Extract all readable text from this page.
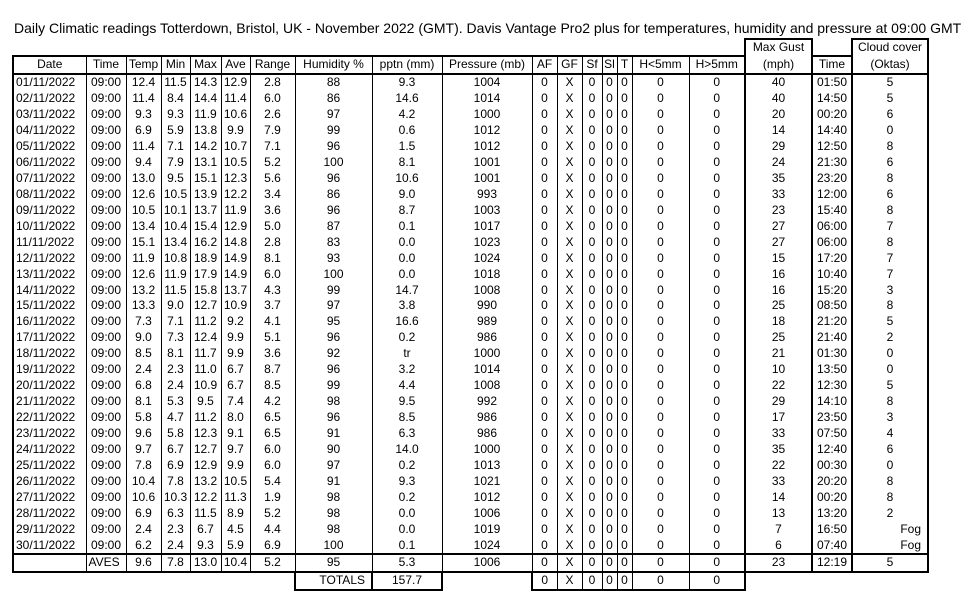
Daily Climatic readings Totterdown, Bristol, UK - November 2022 (GMT). Davis Vantage Pro2 plus for temperatures, humidity and pressure at 09:00 GMT
																	Max Gust		Cloud cover
Date	Time	Temp	Min	Max	Ave	Range	Humidity %	pptn (mm)	Pressure (mb)	AF	GF	Sf	Sl	T	H<5mm	H>5mm	(mph)	Time	(Oktas)
01/11/2022	09:00	12.4	11.5	14.3	12.9	2.8	88	9.3	1004	0	X	0	0	0	0	0	40	01:50	5
02/11/2022	09:00	11.4	8.4	14.4	11.4	6.0	86	14.6	1014	0	X	0	0	0	0	0	40	14:50	5
03/11/2022	09:00	9.3	9.3	11.9	10.6	2.6	97	4.2	1000	0	X	0	0	0	0	0	20	00:20	6
04/11/2022	09:00	6.9	5.9	13.8	9.9	7.9	99	0.6	1012	0	X	0	0	0	0	0	14	14:40	0
05/11/2022	09:00	11.4	7.1	14.2	10.7	7.1	96	1.5	1012	0	X	0	0	0	0	0	29	12:50	8
06/11/2022	09:00	9.4	7.9	13.1	10.5	5.2	100	8.1	1001	0	X	0	0	0	0	0	24	21:30	6
07/11/2022	09:00	13.0	9.5	15.1	12.3	5.6	96	10.6	1001	0	X	0	0	0	0	0	35	23:20	8
08/11/2022	09:00	12.6	10.5	13.9	12.2	3.4	86	9.0	993	0	X	0	0	0	0	0	33	12:00	6
09/11/2022	09:00	10.5	10.1	13.7	11.9	3.6	96	8.7	1003	0	X	0	0	0	0	0	23	15:40	8
10/11/2022	09:00	13.4	10.4	15.4	12.9	5.0	87	0.1	1017	0	X	0	0	0	0	0	27	06:00	7
11/11/2022	09:00	15.1	13.4	16.2	14.8	2.8	83	0.0	1023	0	X	0	0	0	0	0	27	06:00	8
12/11/2022	09:00	11.9	10.8	18.9	14.9	8.1	93	0.0	1024	0	X	0	0	0	0	0	15	17:20	7
13/11/2022	09:00	12.6	11.9	17.9	14.9	6.0	100	0.0	1018	0	X	0	0	0	0	0	16	10:40	7
14/11/2022	09:00	13.2	11.5	15.8	13.7	4.3	99	14.7	1008	0	X	0	0	0	0	0	16	15:20	3
15/11/2022	09:00	13.3	9.0	12.7	10.9	3.7	97	3.8	990	0	X	0	0	0	0	0	25	08:50	8
16/11/2022	09:00	7.3	7.1	11.2	9.2	4.1	95	16.6	989	0	X	0	0	0	0	0	18	21:20	5
17/11/2022	09:00	9.0	7.3	12.4	9.9	5.1	96	0.2	986	0	X	0	0	0	0	0	25	21:40	2
18/11/2022	09:00	8.5	8.1	11.7	9.9	3.6	92	tr	1000	0	X	0	0	0	0	0	21	01:30	0
19/11/2022	09:00	2.4	2.3	11.0	6.7	8.7	96	3.2	1014	0	X	0	0	0	0	0	10	13:50	0
20/11/2022	09:00	6.8	2.4	10.9	6.7	8.5	99	4.4	1008	0	X	0	0	0	0	0	22	12:30	5
21/11/2022	09:00	8.1	5.3	9.5	7.4	4.2	98	9.5	992	0	X	0	0	0	0	0	29	14:10	8
22/11/2022	09:00	5.8	4.7	11.2	8.0	6.5	96	8.5	986	0	X	0	0	0	0	0	17	23:50	3
23/11/2022	09:00	9.6	5.8	12.3	9.1	6.5	91	6.3	986	0	X	0	0	0	0	0	33	07:50	4
24/11/2022	09:00	9.7	6.7	12.7	9.7	6.0	90	14.0	1000	0	X	0	0	0	0	0	35	12:40	6
25/11/2022	09:00	7.8	6.9	12.9	9.9	6.0	97	0.2	1013	0	X	0	0	0	0	0	22	00:30	0
26/11/2022	09:00	10.4	7.8	13.2	10.5	5.4	91	9.3	1021	0	X	0	0	0	0	0	33	20:20	8
27/11/2022	09:00	10.6	10.3	12.2	11.3	1.9	98	0.2	1012	0	X	0	0	0	0	0	14	00:20	8
28/11/2022	09:00	6.9	6.3	11.5	8.9	5.2	98	0.0	1006	0	X	0	0	0	0	0	13	13:20	2
29/11/2022	09:00	2.4	2.3	6.7	4.5	4.4	98	0.0	1019	0	X	0	0	0	0	0	7	16:50	Fog
30/11/2022	09:00	6.2	2.4	9.3	5.9	6.9	100	0.1	1024	0	X	0	0	0	0	0	6	07:40	Fog
	AVES	9.6	7.8	13.0	10.4	5.2	95	5.3	1006	0	X	0	0	0	0	0	23	12:19	5
							TOTALS	157.7		0	X	0	0	0	0	0			
